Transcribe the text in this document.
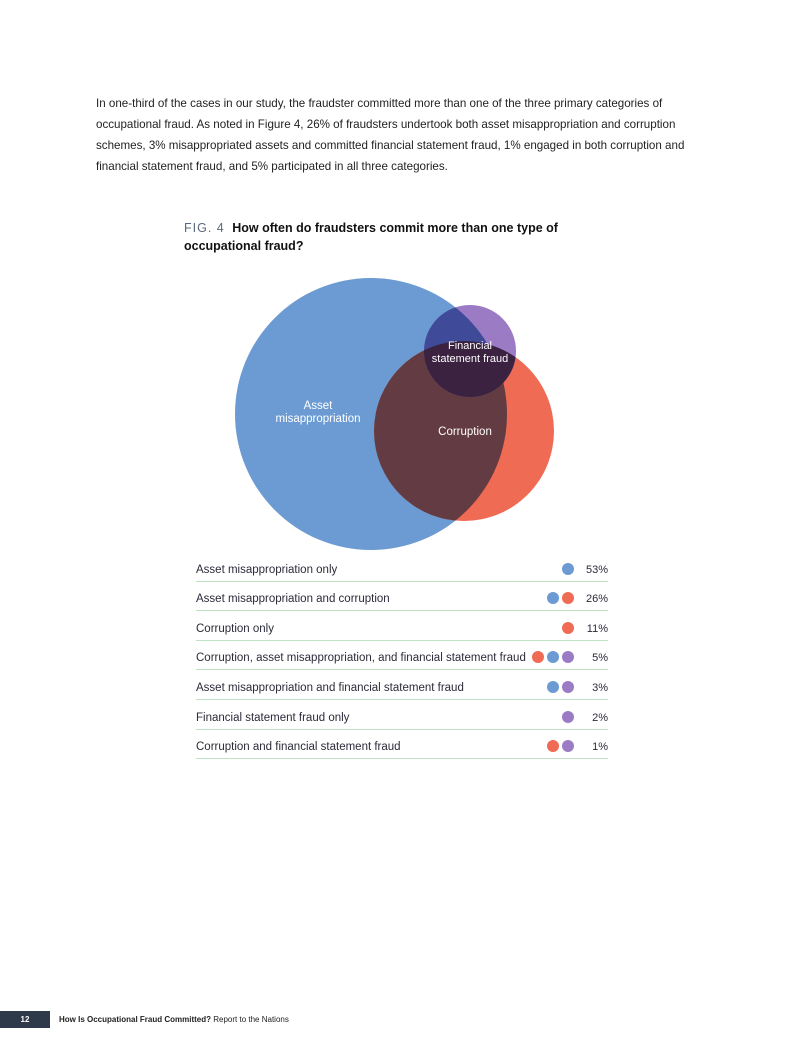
In one-third of the cases in our study, the fraudster committed more than one of the three primary categories of occupational fraud. As noted in Figure 4, 26% of fraudsters undertook both asset misappropriation and corruption schemes, 3% misappropriated assets and committed financial statement fraud, 1% engaged in both corruption and financial statement fraud, and 5% participated in all three categories.

FIG. 4 How often do fraudsters commit more than one type of occupational fraud?
Asset
misappropriation
Corruption
Financial
statement fraud
Asset misappropriation only	53%
Asset misappropriation and corruption	26%
Corruption only	11%
Corruption, asset misappropriation, and financial statement fraud	5%
Asset misappropriation and financial statement fraud	3%
Financial statement fraud only	2%
Corruption and financial statement fraud	1%
12	How Is Occupational Fraud Committed? Report to the Nations
